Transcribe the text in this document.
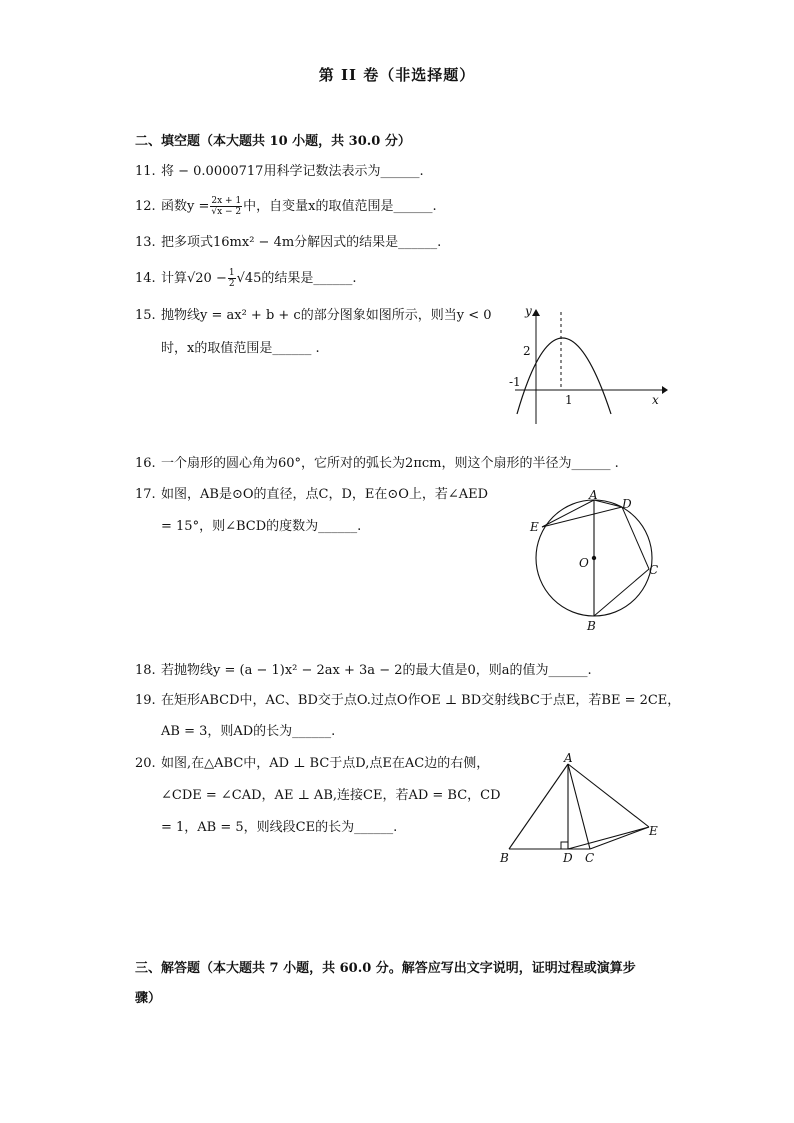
第 II 卷（非选择题）
二、填空题（本大题共 10 小题，共 30.0 分）
11. 将 − 0.0000717用科学记数法表示为______.
12. 函数$y = \frac{2x + 1}{√x - 2}$ 中，自变量x的取值范围是______.
13. 把多项式16mx² − 4m分解因式的结果是______.
14. 计算$√20 - \frac{1}{2} √45$的结果是______.
15. 抛物线y = ax² + b + c的部分图象如图所示，则当y < 0
时，x的取值范围是______ .
y
x
2
-1
1
16. 一个扇形的圆心角为60°，它所对的弧长为2πcm，则这个扇形的半径为______ .
17. 如图，AB是⊙O的直径，点C，D，E在⊙O上，若∠AED
= 15°，则∠BCD的度数为______.
A
D
E
O	C
B
18. 若抛物线y = (a − 1)x² − 2ax + 3a − 2的最大值是0，则a的值为______.
19. 在矩形ABCD中，AC、BD交于点O.过点O作OE ⊥ BD交射线BC于点E，若BE = 2CE，
AB = 3，则AD的长为______.
20. 如图,在△ABC中，AD ⊥ BC于点D,点E在AC边的右侧，
∠CDE = ∠CAD，AE ⊥ AB,连接CE，若AD = BC，CD
= 1，AB = 5，则线段CE的长为______.
A
B	D C
E
三、解答题（本大题共 7 小题，共 60.0 分。解答应写出文字说明，证明过程或演算步
骤）
